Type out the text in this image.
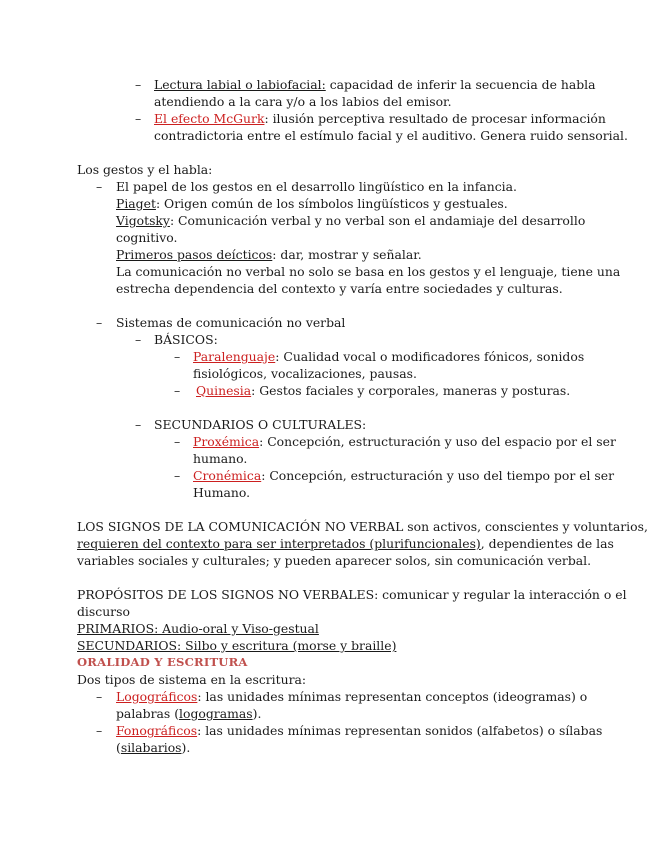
– Lectura labial o labiofacial: capacidad de inferir la secuencia de habla
atendiendo a la cara y/o a los labios del emisor.
– El efecto McGurk: ilusión perceptiva resultado de procesar información
contradictoria entre el estímulo facial y el auditivo. Genera ruido sensorial.
Los gestos y el habla:
– El papel de los gestos en el desarrollo lingüístico en la infancia.
Piaget: Origen común de los símbolos lingüísticos y gestuales.
Vigotsky: Comunicación verbal y no verbal son el andamiaje del desarrollo
cognitivo.
Primeros pasos deícticos: dar, mostrar y señalar.
La comunicación no verbal no solo se basa en los gestos y el lenguaje, tiene una
estrecha dependencia del contexto y varía entre sociedades y culturas.
– Sistemas de comunicación no verbal
– BÁSICOS:
– Paralenguaje: Cualidad vocal o modificadores fónicos, sonidos
fisiológicos, vocalizaciones, pausas.
– Quinesia: Gestos faciales y corporales, maneras y posturas.
– SECUNDARIOS O CULTURALES:
– Proxémica: Concepción, estructuración y uso del espacio por el ser
humano.
– Cronémica: Concepción, estructuración y uso del tiempo por el ser
Humano.
LOS SIGNOS DE LA COMUNICACIÓN NO VERBAL son activos, conscientes y voluntarios,
requieren del contexto para ser interpretados (plurifuncionales), dependientes de las
variables sociales y culturales; y pueden aparecer solos, sin comunicación verbal.
PROPÓSITOS DE LOS SIGNOS NO VERBALES: comunicar y regular la interacción o el
discurso
PRIMARIOS: Audio-oral y Viso-gestual
SECUNDARIOS: Silbo y escritura (morse y braille)
ORALIDAD Y ESCRITURA
Dos tipos de sistema en la escritura:
– Logográficos: las unidades mínimas representan conceptos (ideogramas) o
palabras (logogramas).
– Fonográficos: las unidades mínimas representan sonidos (alfabetos) o sílabas
(silabarios).
